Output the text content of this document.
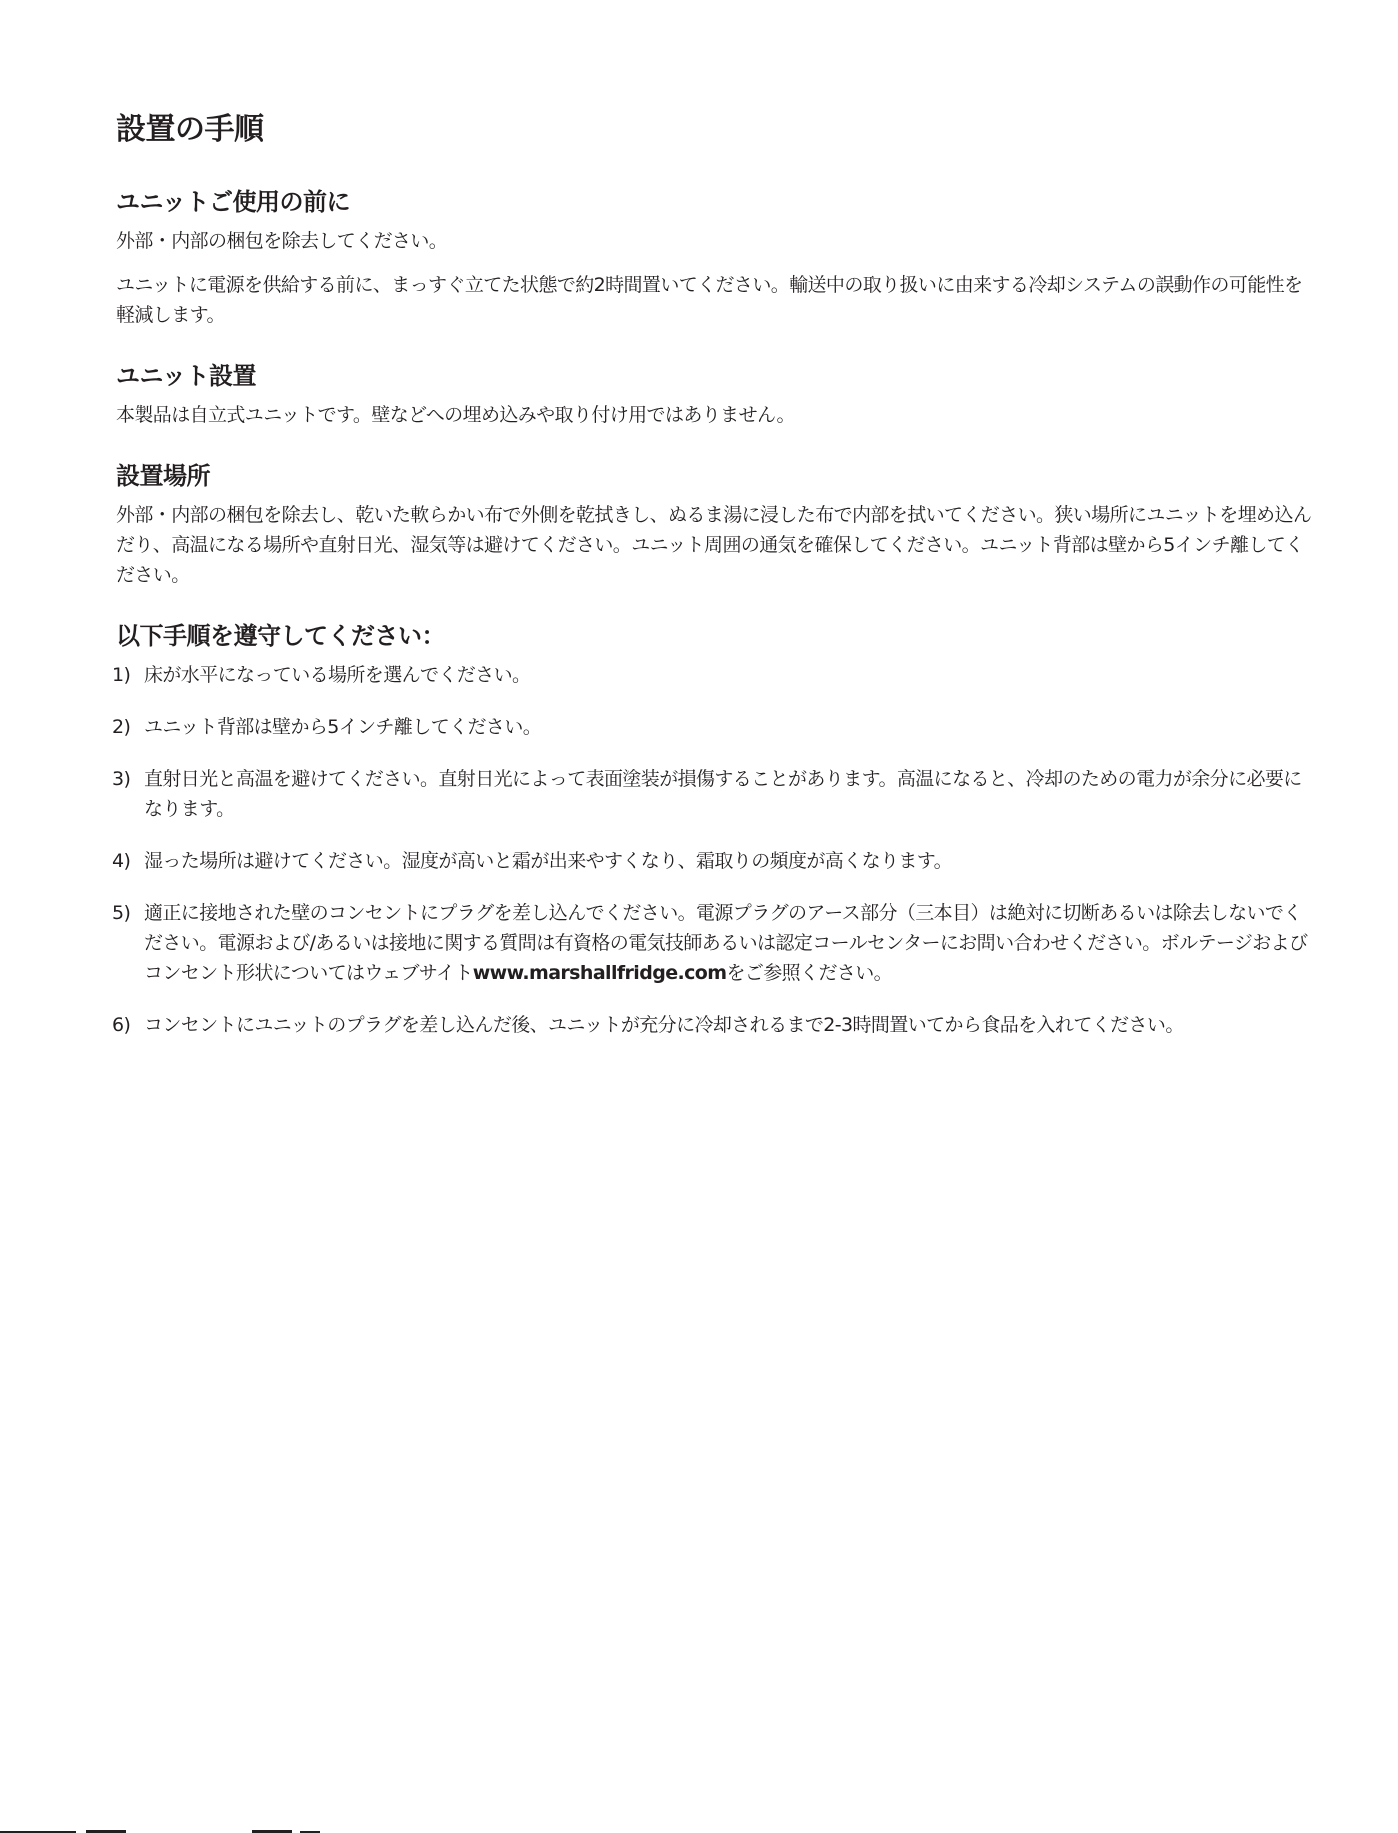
設置の手順
ユニットご使用の前に

外部・内部の梱包を除去してください。

ユニットに電源を供給する前に、まっすぐ立てた状態で約2時間置いてください。輸送中の取り扱いに由来する冷却システムの誤動作の可能性を軽減します。

ユニット設置

本製品は自立式ユニットです。壁などへの埋め込みや取り付け用ではありません。

設置場所

外部・内部の梱包を除去し、乾いた軟らかい布で外側を乾拭きし、ぬるま湯に浸した布で内部を拭いてください。狭い場所にユニットを埋め込んだり、高温になる場所や直射日光、湿気等は避けてください。ユニット周囲の通気を確保してください。ユニット背部は壁から5インチ離してください。

以下手順を遵守してください：
1) 床が水平になっている場所を選んでください。
2) ユニット背部は壁から5インチ離してください。
3) 直射日光と高温を避けてください。直射日光によって表面塗装が損傷することがあります。高温になると、冷却のための電力が余分に必要になります。
4) 湿った場所は避けてください。湿度が高いと霜が出来やすくなり、霜取りの頻度が高くなります。
5) 適正に接地された壁のコンセントにプラグを差し込んでください。電源プラグのアース部分（三本目）は絶対に切断あるいは除去しないでください。電源および/あるいは接地に関する質問は有資格の電気技師あるいは認定コールセンターにお問い合わせください。ボルテージおよびコンセント形状についてはウェブサイトwww.marshallfridge.comをご参照ください。
6) コンセントにユニットのプラグを差し込んだ後、ユニットが充分に冷却されるまで2-3時間置いてから食品を入れてください。
